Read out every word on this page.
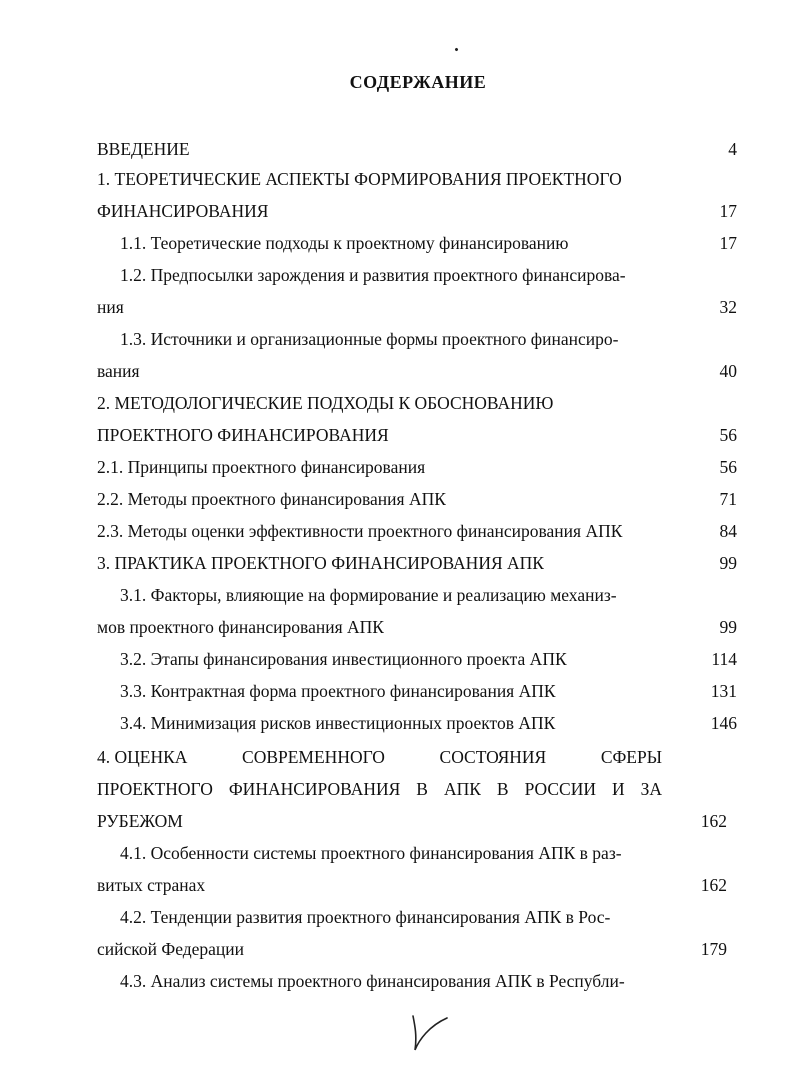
СОДЕРЖАНИЕ
ВВЕДЕНИЕ	4
1. ТЕОРЕТИЧЕСКИЕ АСПЕКТЫ ФОРМИРОВАНИЯ ПРОЕКТНОГО
ФИНАНСИРОВАНИЯ	17
1.1. Теоретические подходы к проектному финансированию	17
1.2. Предпосылки зарождения и развития проектного финансирова-
ния	32
1.3. Источники и организационные формы проектного финансиро-
вания	40
2. МЕТОДОЛОГИЧЕСКИЕ ПОДХОДЫ К ОБОСНОВАНИЮ
ПРОЕКТНОГО ФИНАНСИРОВАНИЯ	56
2.1. Принципы проектного финансирования	56
2.2. Методы проектного финансирования АПК	71
2.3. Методы оценки эффективности проектного финансирования АПК	84
3. ПРАКТИКА ПРОЕКТНОГО ФИНАНСИРОВАНИЯ АПК	99
3.1. Факторы, влияющие на формирование и реализацию механиз-
мов проектного финансирования АПК	99
3.2. Этапы финансирования инвестиционного проекта АПК	114
3.3. Контрактная форма проектного финансирования АПК	131
3.4. Минимизация рисков инвестиционных проектов АПК	146
4. ОЦЕНКА	СОВРЕМЕННОГО	СОСТОЯНИЯ	СФЕРЫ
ПРОЕКТНОГО ФИНАНСИРОВАНИЯ В АПК В РОССИИ И ЗА
РУБЕЖОМ	162
4.1. Особенности системы проектного финансирования АПК в раз-
витых странах	162
4.2. Тенденции развития проектного финансирования АПК в Рос-
сийской Федерации	179
4.3. Анализ системы проектного финансирования АПК в Республи-
